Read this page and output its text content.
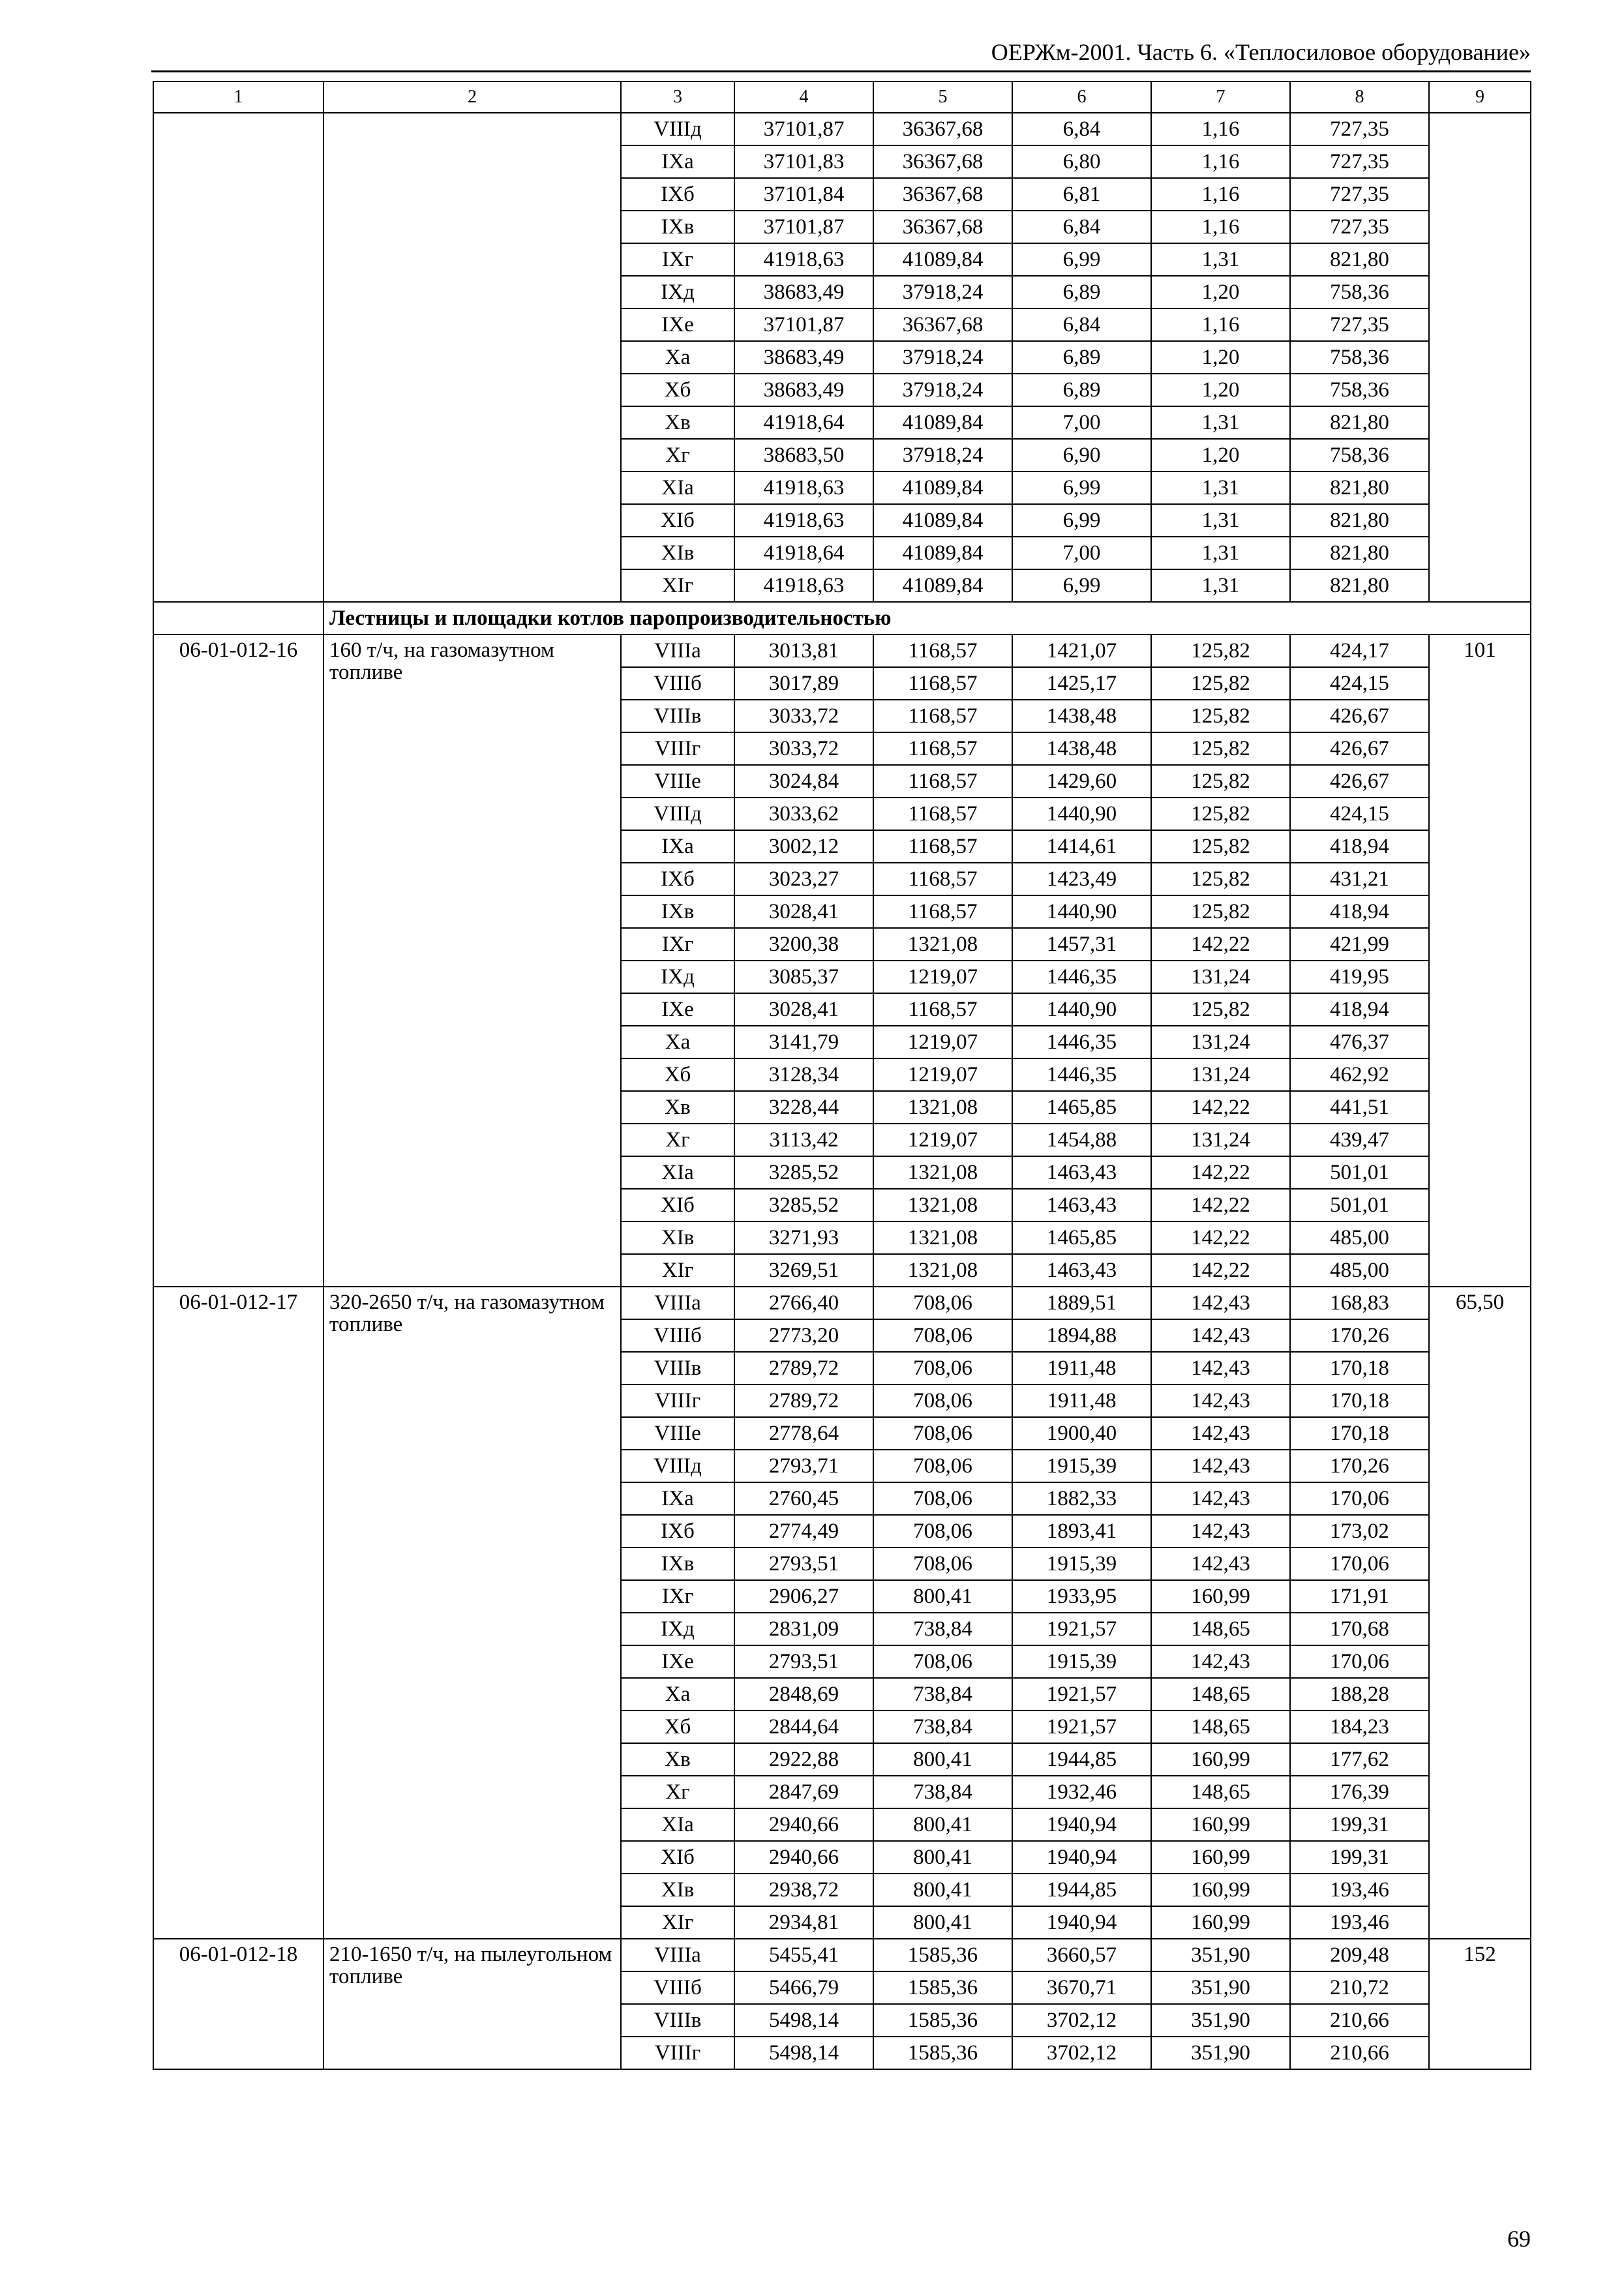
ОЕРЖм-2001. Часть 6. «Теплосиловое оборудование»
1	2	3	4	5	6	7	8	9
		VIIIд	37101,87	36367,68	6,84	1,16	727,35	
		IXа	37101,83	36367,68	6,80	1,16	727,35	
		IXб	37101,84	36367,68	6,81	1,16	727,35	
		IXв	37101,87	36367,68	6,84	1,16	727,35	
		IXг	41918,63	41089,84	6,99	1,31	821,80	
		IXд	38683,49	37918,24	6,89	1,20	758,36	
		IXе	37101,87	36367,68	6,84	1,16	727,35	
		Xа	38683,49	37918,24	6,89	1,20	758,36	
		Xб	38683,49	37918,24	6,89	1,20	758,36	
		Xв	41918,64	41089,84	7,00	1,31	821,80	
		Xг	38683,50	37918,24	6,90	1,20	758,36	
		XIа	41918,63	41089,84	6,99	1,31	821,80	
		XIб	41918,63	41089,84	6,99	1,31	821,80	
		XIв	41918,64	41089,84	7,00	1,31	821,80	
		XIг	41918,63	41089,84	6,99	1,31	821,80	
	Лестницы и площадки котлов паропроизводительностью							
06-01-012-16	160 т/ч, на газомазутном топливе	VIIIа	3013,81	1168,57	1421,07	125,82	424,17	101
		VIIIб	3017,89	1168,57	1425,17	125,82	424,15	
		VIIIв	3033,72	1168,57	1438,48	125,82	426,67	
		VIIIг	3033,72	1168,57	1438,48	125,82	426,67	
		VIIIе	3024,84	1168,57	1429,60	125,82	426,67	
		VIIIд	3033,62	1168,57	1440,90	125,82	424,15	
		IXа	3002,12	1168,57	1414,61	125,82	418,94	
		IXб	3023,27	1168,57	1423,49	125,82	431,21	
		IXв	3028,41	1168,57	1440,90	125,82	418,94	
		IXг	3200,38	1321,08	1457,31	142,22	421,99	
		IXд	3085,37	1219,07	1446,35	131,24	419,95	
		IXе	3028,41	1168,57	1440,90	125,82	418,94	
		Xа	3141,79	1219,07	1446,35	131,24	476,37	
		Xб	3128,34	1219,07	1446,35	131,24	462,92	
		Xв	3228,44	1321,08	1465,85	142,22	441,51	
		Xг	3113,42	1219,07	1454,88	131,24	439,47	
		XIа	3285,52	1321,08	1463,43	142,22	501,01	
		XIб	3285,52	1321,08	1463,43	142,22	501,01	
		XIв	3271,93	1321,08	1465,85	142,22	485,00	
		XIг	3269,51	1321,08	1463,43	142,22	485,00	
06-01-012-17	320-2650 т/ч, на газомазутном топливе	VIIIа	2766,40	708,06	1889,51	142,43	168,83	65,50
		VIIIб	2773,20	708,06	1894,88	142,43	170,26	
		VIIIв	2789,72	708,06	1911,48	142,43	170,18	
		VIIIг	2789,72	708,06	1911,48	142,43	170,18	
		VIIIе	2778,64	708,06	1900,40	142,43	170,18	
		VIIIд	2793,71	708,06	1915,39	142,43	170,26	
		IXа	2760,45	708,06	1882,33	142,43	170,06	
		IXб	2774,49	708,06	1893,41	142,43	173,02	
		IXв	2793,51	708,06	1915,39	142,43	170,06	
		IXг	2906,27	800,41	1933,95	160,99	171,91	
		IXд	2831,09	738,84	1921,57	148,65	170,68	
		IXе	2793,51	708,06	1915,39	142,43	170,06	
		Xа	2848,69	738,84	1921,57	148,65	188,28	
		Xб	2844,64	738,84	1921,57	148,65	184,23	
		Xв	2922,88	800,41	1944,85	160,99	177,62	
		Xг	2847,69	738,84	1932,46	148,65	176,39	
		XIа	2940,66	800,41	1940,94	160,99	199,31	
		XIб	2940,66	800,41	1940,94	160,99	199,31	
		XIв	2938,72	800,41	1944,85	160,99	193,46	
		XIг	2934,81	800,41	1940,94	160,99	193,46	
06-01-012-18	210-1650 т/ч, на пылеугольном топливе	VIIIа	5455,41	1585,36	3660,57	351,90	209,48	152
		VIIIб	5466,79	1585,36	3670,71	351,90	210,72	
		VIIIв	5498,14	1585,36	3702,12	351,90	210,66	
		VIIIг	5498,14	1585,36	3702,12	351,90	210,66	
69
